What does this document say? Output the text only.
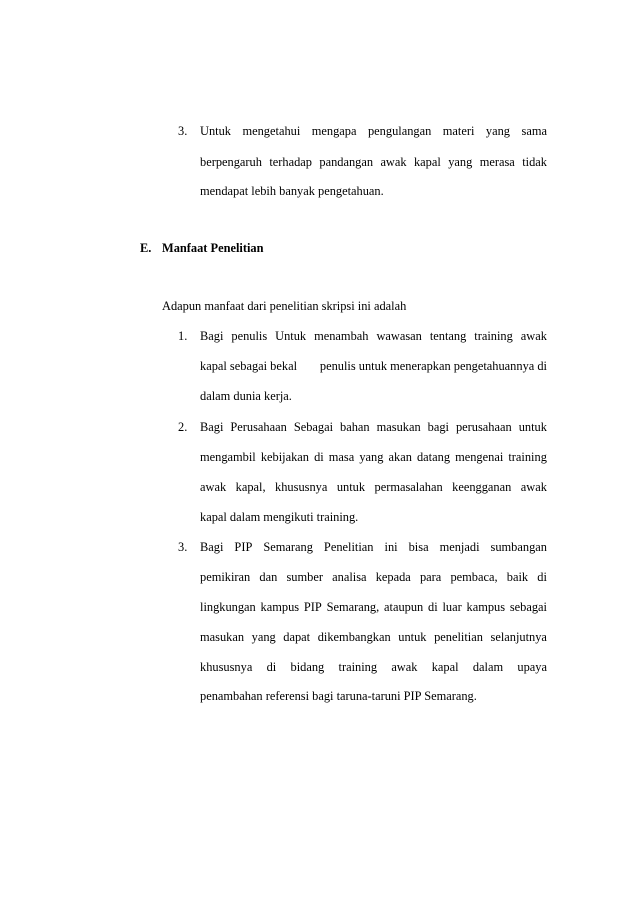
3. Untuk mengetahui mengapa pengulangan materi yang sama
berpengaruh terhadap pandangan awak kapal yang merasa tidak
mendapat lebih banyak pengetahuan.
E. Manfaat Penelitian
Adapun manfaat dari penelitian skripsi ini adalah
1. Bagi penulis Untuk menambah wawasan tentang training awak
kapal sebagai bekal penulis untuk menerapkan pengetahuannya di
dalam dunia kerja.
2. Bagi Perusahaan Sebagai bahan masukan bagi perusahaan untuk
mengambil kebijakan di masa yang akan datang mengenai training
awak kapal, khususnya untuk permasalahan keengganan awak
kapal dalam mengikuti training.
3. Bagi PIP Semarang Penelitian ini bisa menjadi sumbangan
pemikiran dan sumber analisa kepada para pembaca, baik di
lingkungan kampus PIP Semarang, ataupun di luar kampus sebagai
masukan yang dapat dikembangkan untuk penelitian selanjutnya
khususnya di bidang training awak kapal dalam upaya
penambahan referensi bagi taruna-taruni PIP Semarang.
